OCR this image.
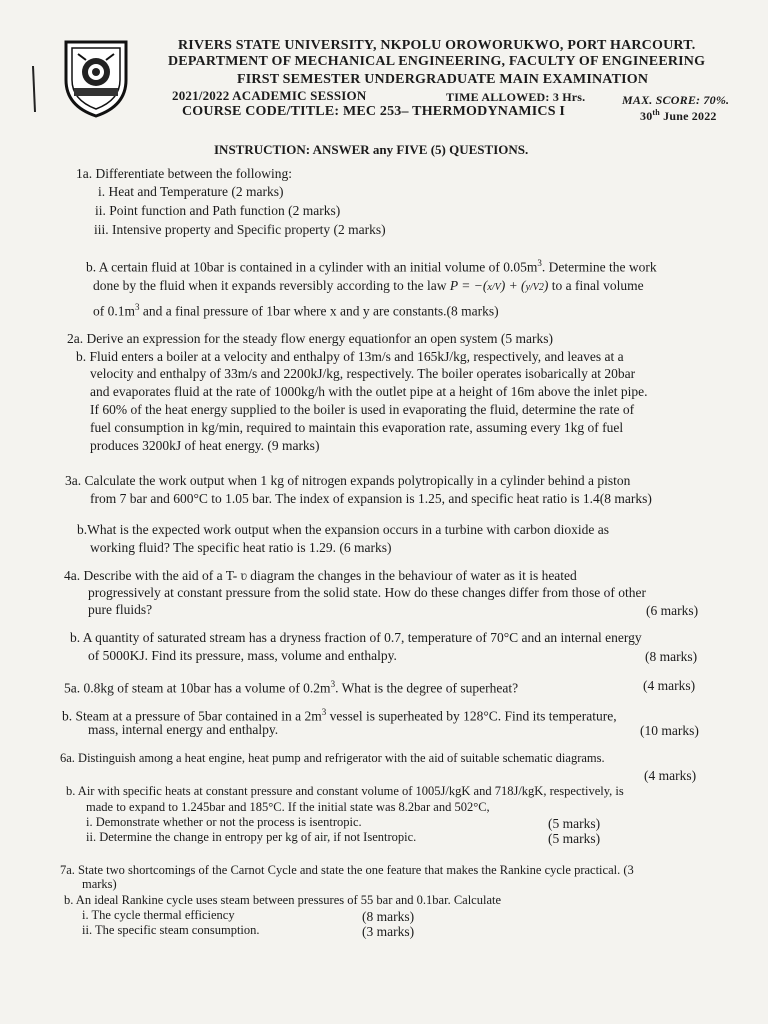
RIVERS STATE UNIVERSITY, NKPOLU OROWORUKWO, PORT HARCOURT.
DEPARTMENT OF MECHANICAL ENGINEERING, FACULTY OF ENGINEERING
FIRST SEMESTER UNDERGRADUATE MAIN EXAMINATION
2021/2022 ACADEMIC SESSION	TIME ALLOWED: 3 Hrs.	MAX. SCORE: 70%.
COURSE CODE/TITLE: MEC 253– THERMODYNAMICS I	30th June 2022
INSTRUCTION: ANSWER any FIVE (5) QUESTIONS.
1a. Differentiate between the following:
i. Heat and Temperature (2 marks)
ii. Point function and Path function (2 marks)
iii. Intensive property and Specific property (2 marks)
b. A certain fluid at 10bar is contained in a cylinder with an initial volume of $0.05m^3$. Determine the work
done by the fluid when it expands reversibly according to the law P = −(x/V) + (y/V2) to a final volume
of $0.1m^3$ and a final pressure of 1bar where x and y are constants.(8 marks)
2a. Derive an expression for the steady flow energy equationfor an open system (5 marks)
b. Fluid enters a boiler at a velocity and enthalpy of 13m/s and 165kJ/kg, respectively, and leaves at a
velocity and enthalpy of 33m/s and 2200kJ/kg, respectively. The boiler operates isobarically at 20bar
and evaporates fluid at the rate of 1000kg/h with the outlet pipe at a height of 16m above the inlet pipe.
If 60% of the heat energy supplied to the boiler is used in evaporating the fluid, determine the rate of
fuel consumption in kg/min, required to maintain this evaporation rate, assuming every 1kg of fuel
produces 3200kJ of heat energy. (9 marks)
3a. Calculate the work output when 1 kg of nitrogen expands polytropically in a cylinder behind a piston
from 7 bar and 600°C to 1.05 bar. The index of expansion is 1.25, and specific heat ratio is 1.4(8 marks)
b.What is the expected work output when the expansion occurs in a turbine with carbon dioxide as
working fluid? The specific heat ratio is 1.29. (6 marks)
4a. Describe with the aid of a T- ʋ diagram the changes in the behaviour of water as it is heated
progressively at constant pressure from the solid state. How do these changes differ from those of other
pure fluids?	(6 marks)
b. A quantity of saturated stream has a dryness fraction of 0.7, temperature of 70°C and an internal energy
of 5000KJ. Find its pressure, mass, volume and enthalpy.	(8 marks)
5a. 0.8kg of steam at 10bar has a volume of $0.2m^3$. What is the degree of superheat?	(4 marks)
b. Steam at a pressure of 5bar contained in a $2m^3$ vessel is superheated by 128°C. Find its temperature,
mass, internal energy and enthalpy.	(10 marks)
6a. Distinguish among a heat engine, heat pump and refrigerator with the aid of suitable schematic diagrams.
(4 marks)
b. Air with specific heats at constant pressure and constant volume of 1005J/kgK and 718J/kgK, respectively, is
made to expand to 1.245bar and 185°C. If the initial state was 8.2bar and 502°C,
i. Demonstrate whether or not the process is isentropic.	(5 marks)
ii. Determine the change in entropy per kg of air, if not Isentropic.	(5 marks)
7a. State two shortcomings of the Carnot Cycle and state the one feature that makes the Rankine cycle practical. (3
marks)
b. An ideal Rankine cycle uses steam between pressures of 55 bar and 0.1bar. Calculate
i. The cycle thermal efficiency	(8 marks)
ii. The specific steam consumption.	(3 marks)
